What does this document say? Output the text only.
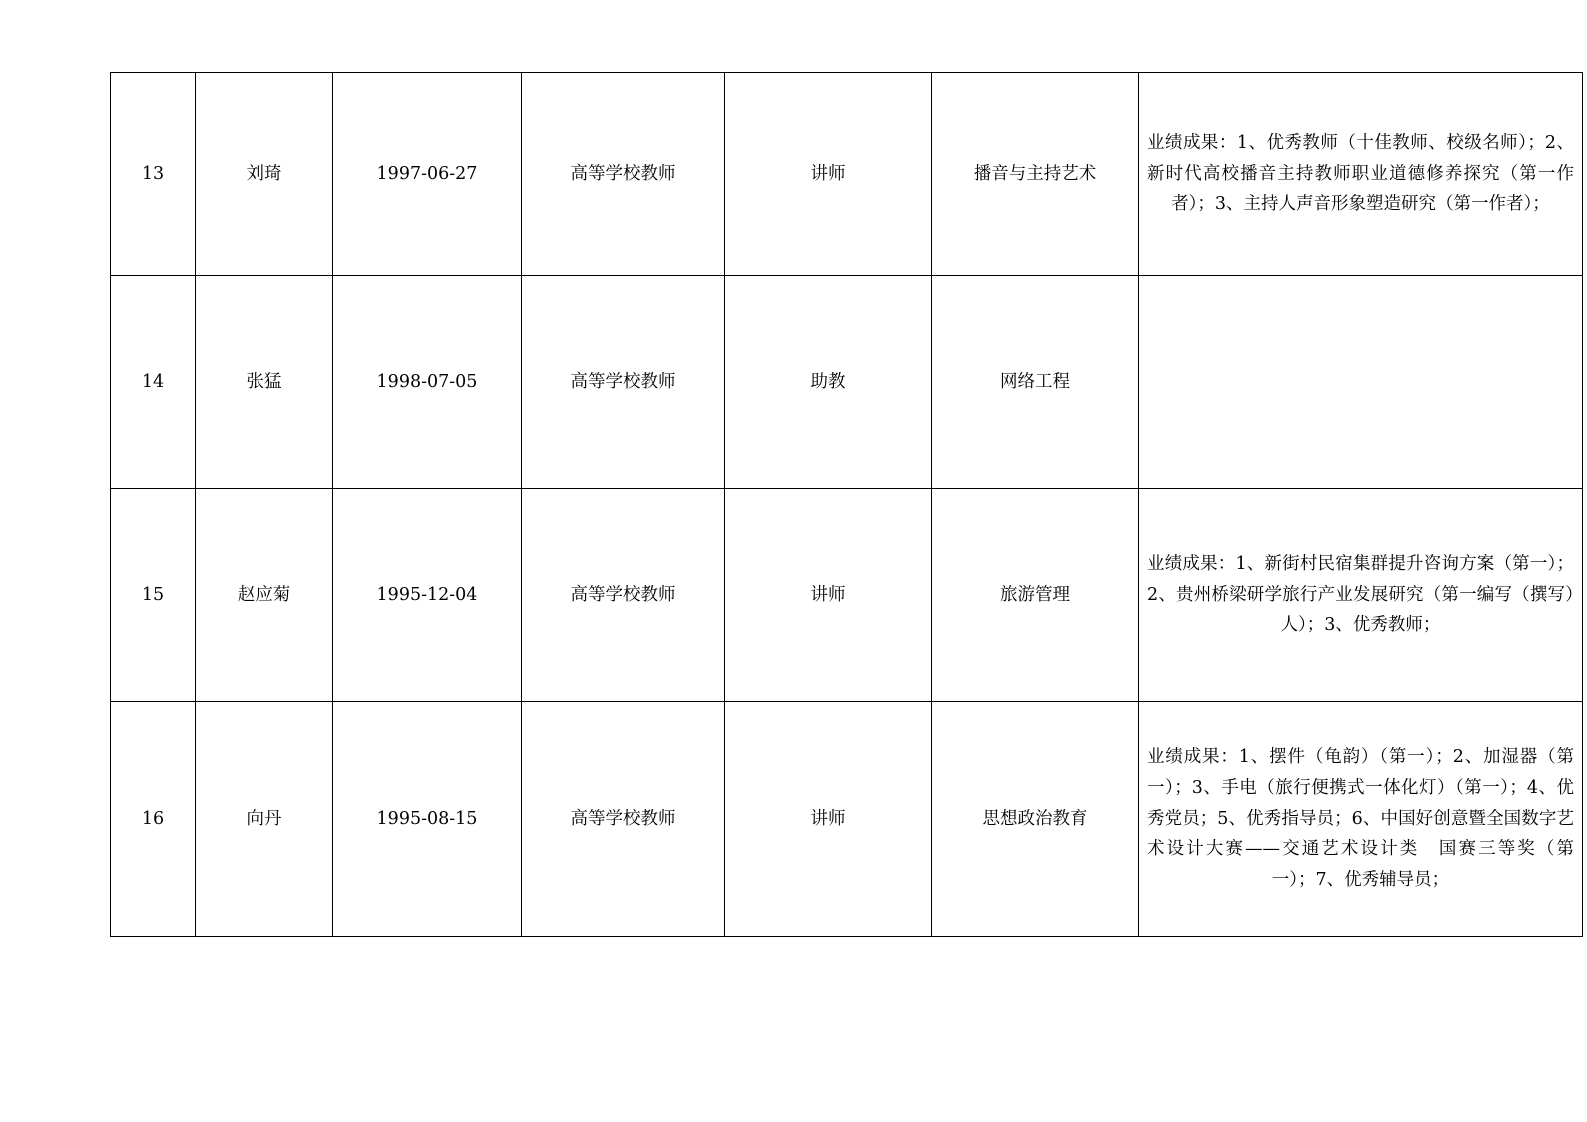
13	刘琦	1997-06-27	高等学校教师	讲师	播音与主持艺术	业绩成果：1、优秀教师（十佳教师、校级名师）；2、新时代高校播音主持教师职业道德修养探究（第一作者）；3、主持人声音形象塑造研究（第一作者）；

14	张猛	1998-07-05	高等学校教师	助教	网络工程	

15	赵应菊	1995-12-04	高等学校教师	讲师	旅游管理	业绩成果：1、新街村民宿集群提升咨询方案（第一）；2、贵州桥梁研学旅行产业发展研究（第一编写（撰写）人）；3、优秀教师；

16	向丹	1995-08-15	高等学校教师	讲师	思想政治教育	业绩成果：1、摆件（龟韵）（第一）；2、加湿器（第一）；3、手电（旅行便携式一体化灯）（第一）；4、优秀党员；5、优秀指导员；6、中国好创意暨全国数字艺术设计大赛——交通艺术设计类　国赛三等奖（第一）；7、优秀辅导员；
